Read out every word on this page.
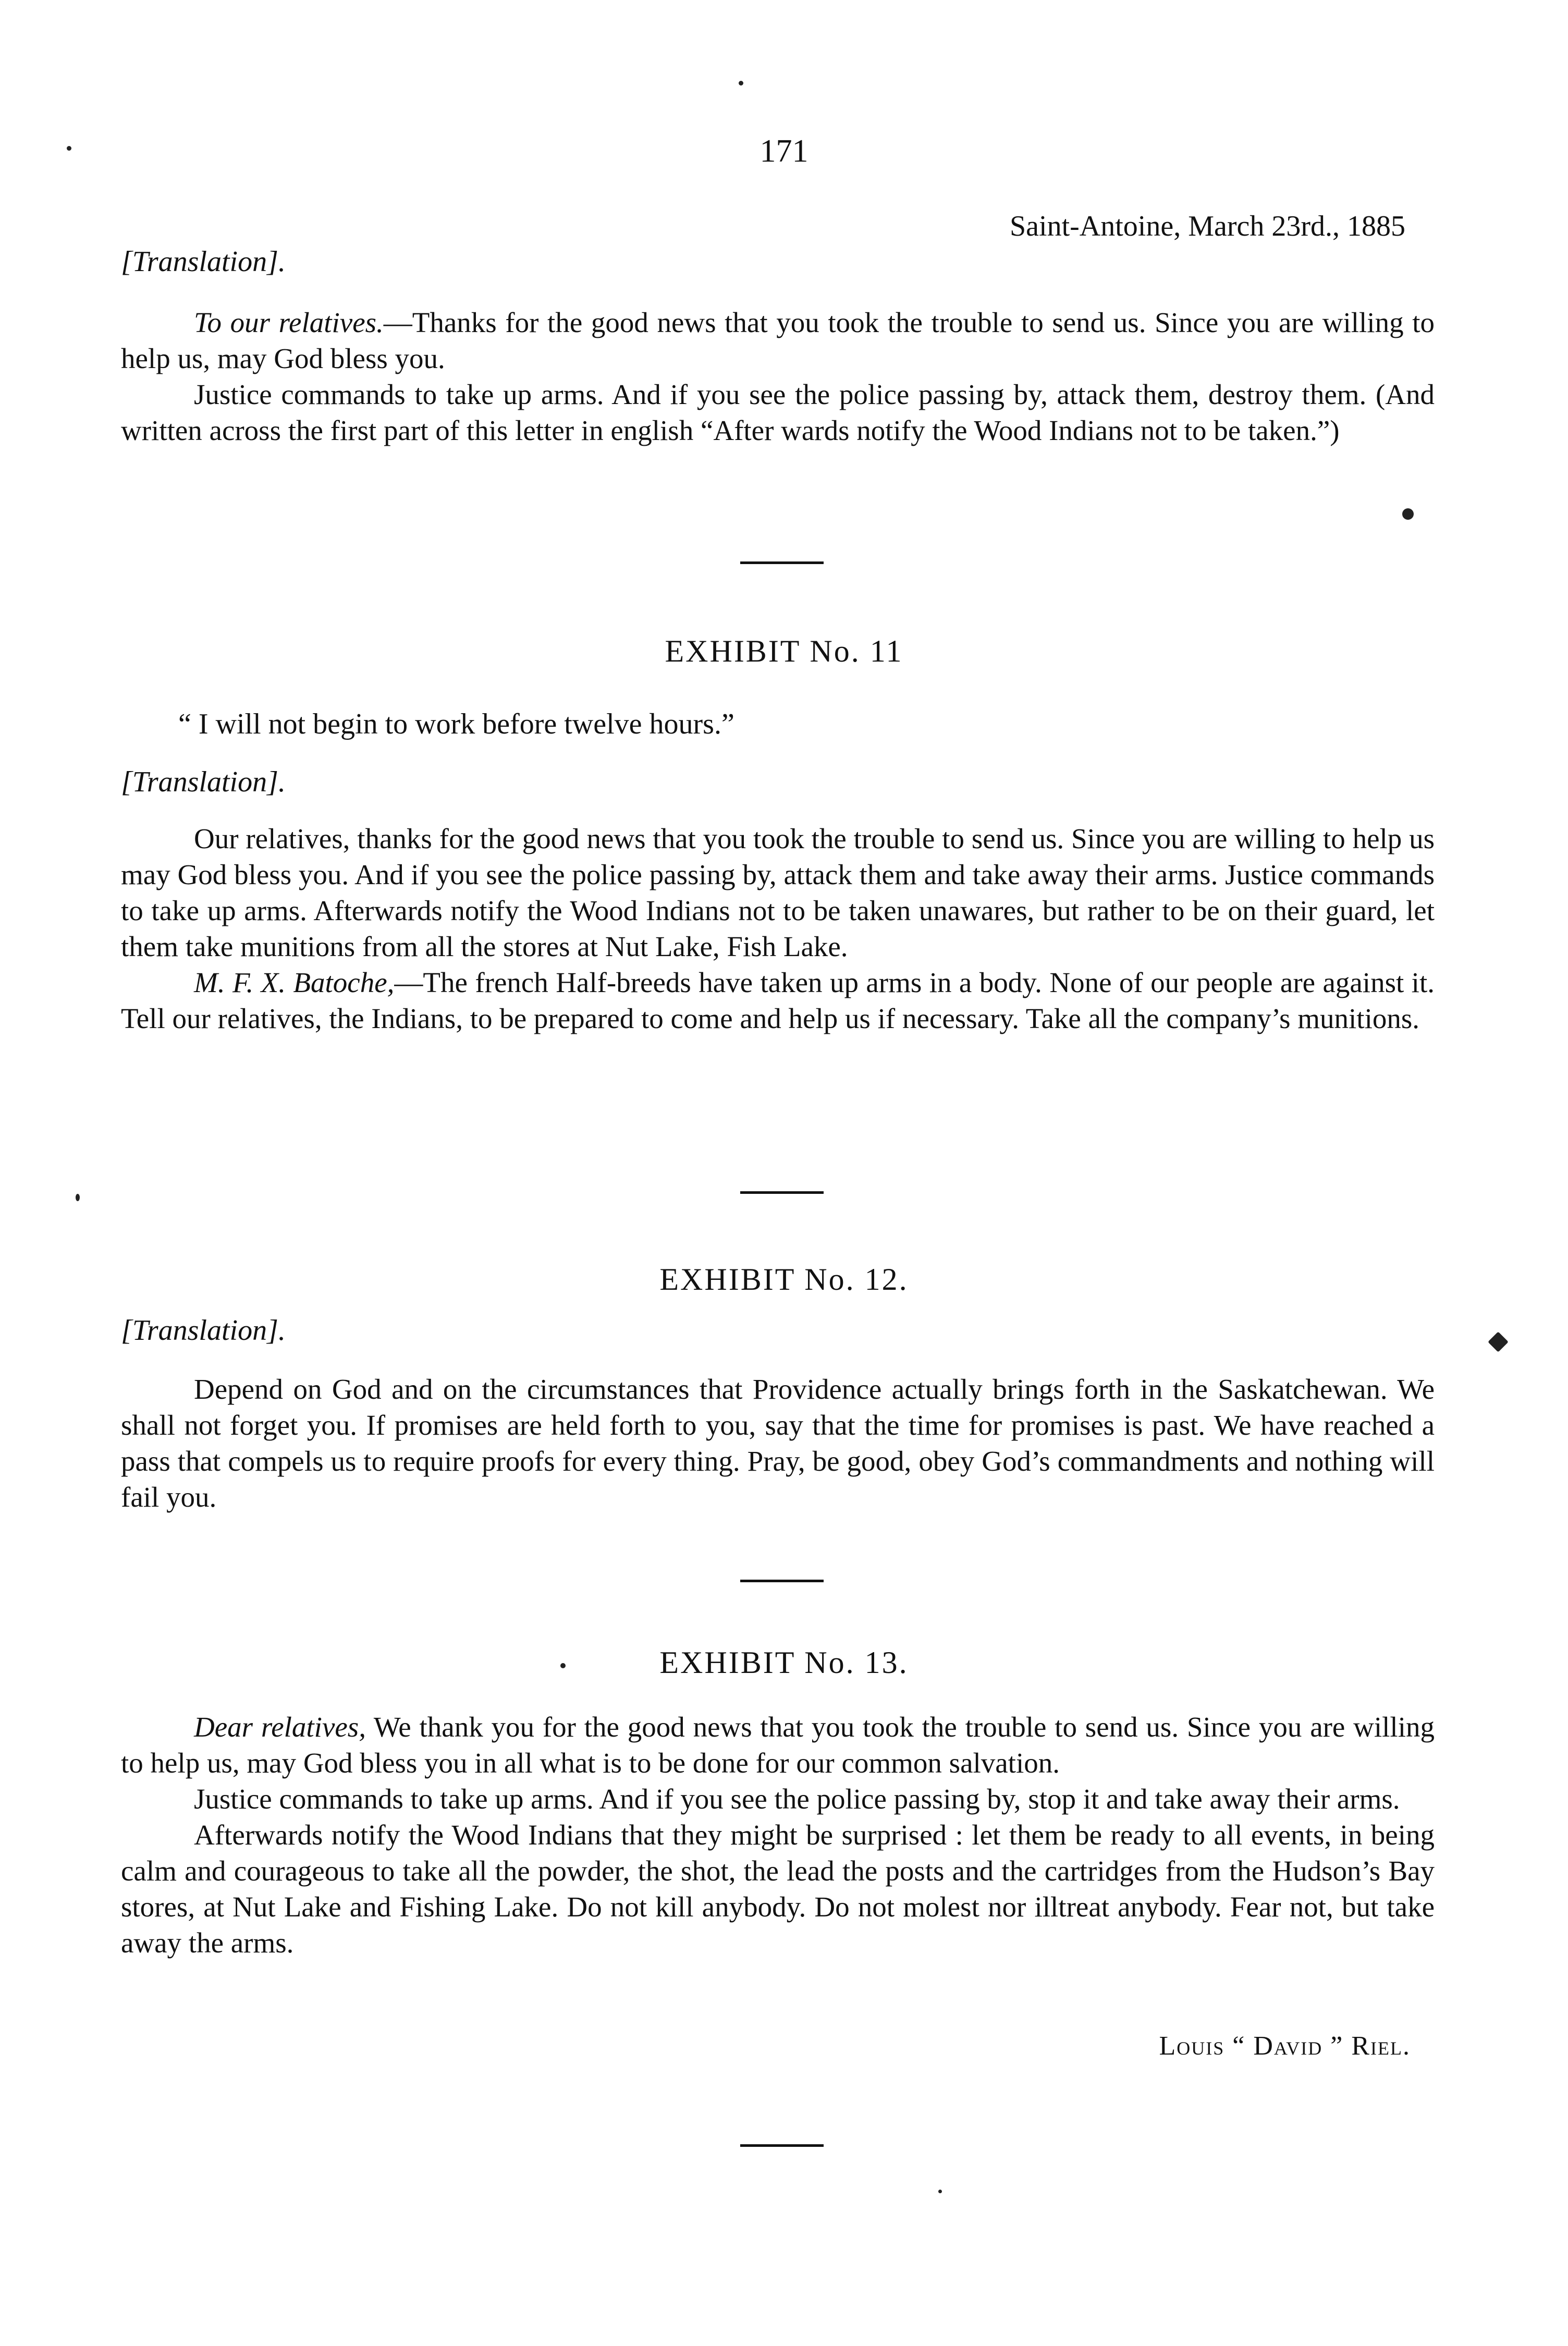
171
Saint-Antoine, March 23rd., 1885
[Translation].

To our relatives.—Thanks for the good news that you took the trouble to send us. Since you are willing to help us, may God bless you.

Justice commands to take up arms. And if you see the police passing by, attack them, destroy them. (And written across the first part of this letter in english “After wards notify the Wood Indians not to be taken.”)

EXHIBIT No. 11

“ I will not begin to work before twelve hours.”

[Translation].

Our relatives, thanks for the good news that you took the trouble to send us. Since you are willing to help us may God bless you. And if you see the police passing by, attack them and take away their arms. Justice commands to take up arms. Afterwards notify the Wood Indians not to be taken unawares, but rather to be on their guard, let them take munitions from all the stores at Nut Lake, Fish Lake.

M. F. X. Batoche,—The french Half-breeds have taken up arms in a body. None of our people are against it. Tell our relatives, the Indians, to be prepared to come and help us if necessary. Take all the company’s munitions.

EXHIBIT No. 12.
[Translation].

Depend on God and on the circumstances that Providence actually brings forth in the Saskatchewan. We shall not forget you. If promises are held forth to you, say that the time for promises is past. We have reached a pass that compels us to require proofs for every thing. Pray, be good, obey God’s commandments and nothing will fail you.

EXHIBIT No. 13.

Dear relatives, We thank you for the good news that you took the trouble to send us. Since you are willing to help us, may God bless you in all what is to be done for our common salvation.

Justice commands to take up arms. And if you see the police passing by, stop it and take away their arms.

Afterwards notify the Wood Indians that they might be surprised : let them be ready to all events, in being calm and courageous to take all the powder, the shot, the lead the posts and the cartridges from the Hudson’s Bay stores, at Nut Lake and Fishing Lake. Do not kill anybody. Do not molest nor illtreat anybody. Fear not, but take away the arms.

Louis “ David ” Riel.
